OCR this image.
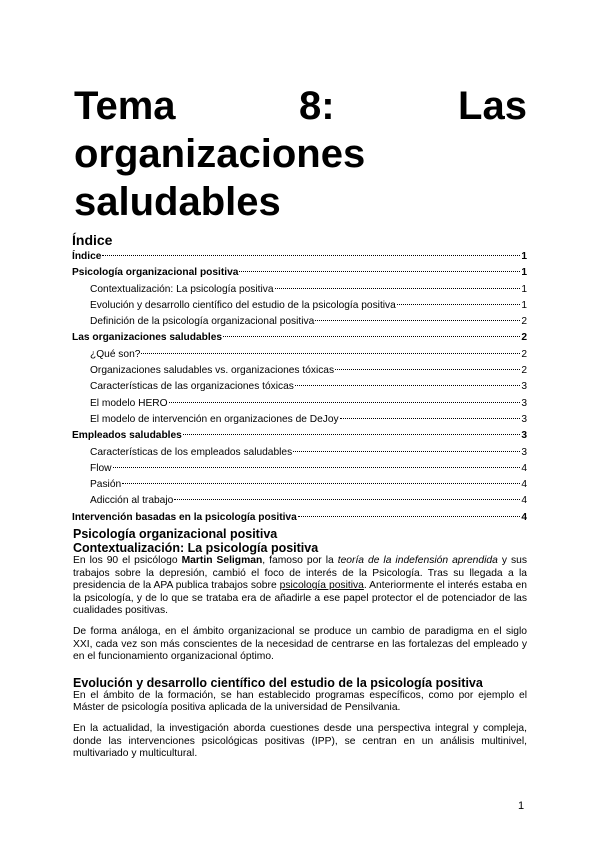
Tema	8:	Las
organizaciones
saludables
Índice
Índice	1
Psicología organizacional positiva	1
Contextualización: La psicología positiva	1
Evolución y desarrollo científico del estudio de la psicología positiva	1
Definición de la psicología organizacional positiva	2
Las organizaciones saludables	2
¿Qué son?	2
Organizaciones saludables vs. organizaciones tóxicas	2
Características de las organizaciones tóxicas	3
El modelo HERO	3
El modelo de intervención en organizaciones de DeJoy	3
Empleados saludables	3
Características de los empleados saludables	3
Flow	4
Pasión	4
Adicción al trabajo	4
Intervención basadas en la psicología positiva	4
Psicología organizacional positiva
Contextualización: La psicología positiva

En los 90 el psicólogo Martin Seligman, famoso por la teoría de la indefensión aprendida y sus trabajos sobre la depresión, cambió el foco de interés de la Psicología. Tras su llegada a la presidencia de la APA publica trabajos sobre psicología positiva. Anteriormente el interés estaba en la psicología, y de lo que se trataba era de añadirle a ese papel protector el de potenciador de las cualidades positivas.

De forma análoga, en el ámbito organizacional se produce un cambio de paradigma en el siglo XXI, cada vez son más conscientes de la necesidad de centrarse en las fortalezas del empleado y en el funcionamiento organizacional óptimo.

Evolución y desarrollo científico del estudio de la psicología positiva

En el ámbito de la formación, se han establecido programas específicos, como por ejemplo el Máster de psicología positiva aplicada de la universidad de Pensilvania.

En la actualidad, la investigación aborda cuestiones desde una perspectiva integral y compleja, donde las intervenciones psicológicas positivas (IPP), se centran en un análisis multinivel, multivariado y multicultural.

1
